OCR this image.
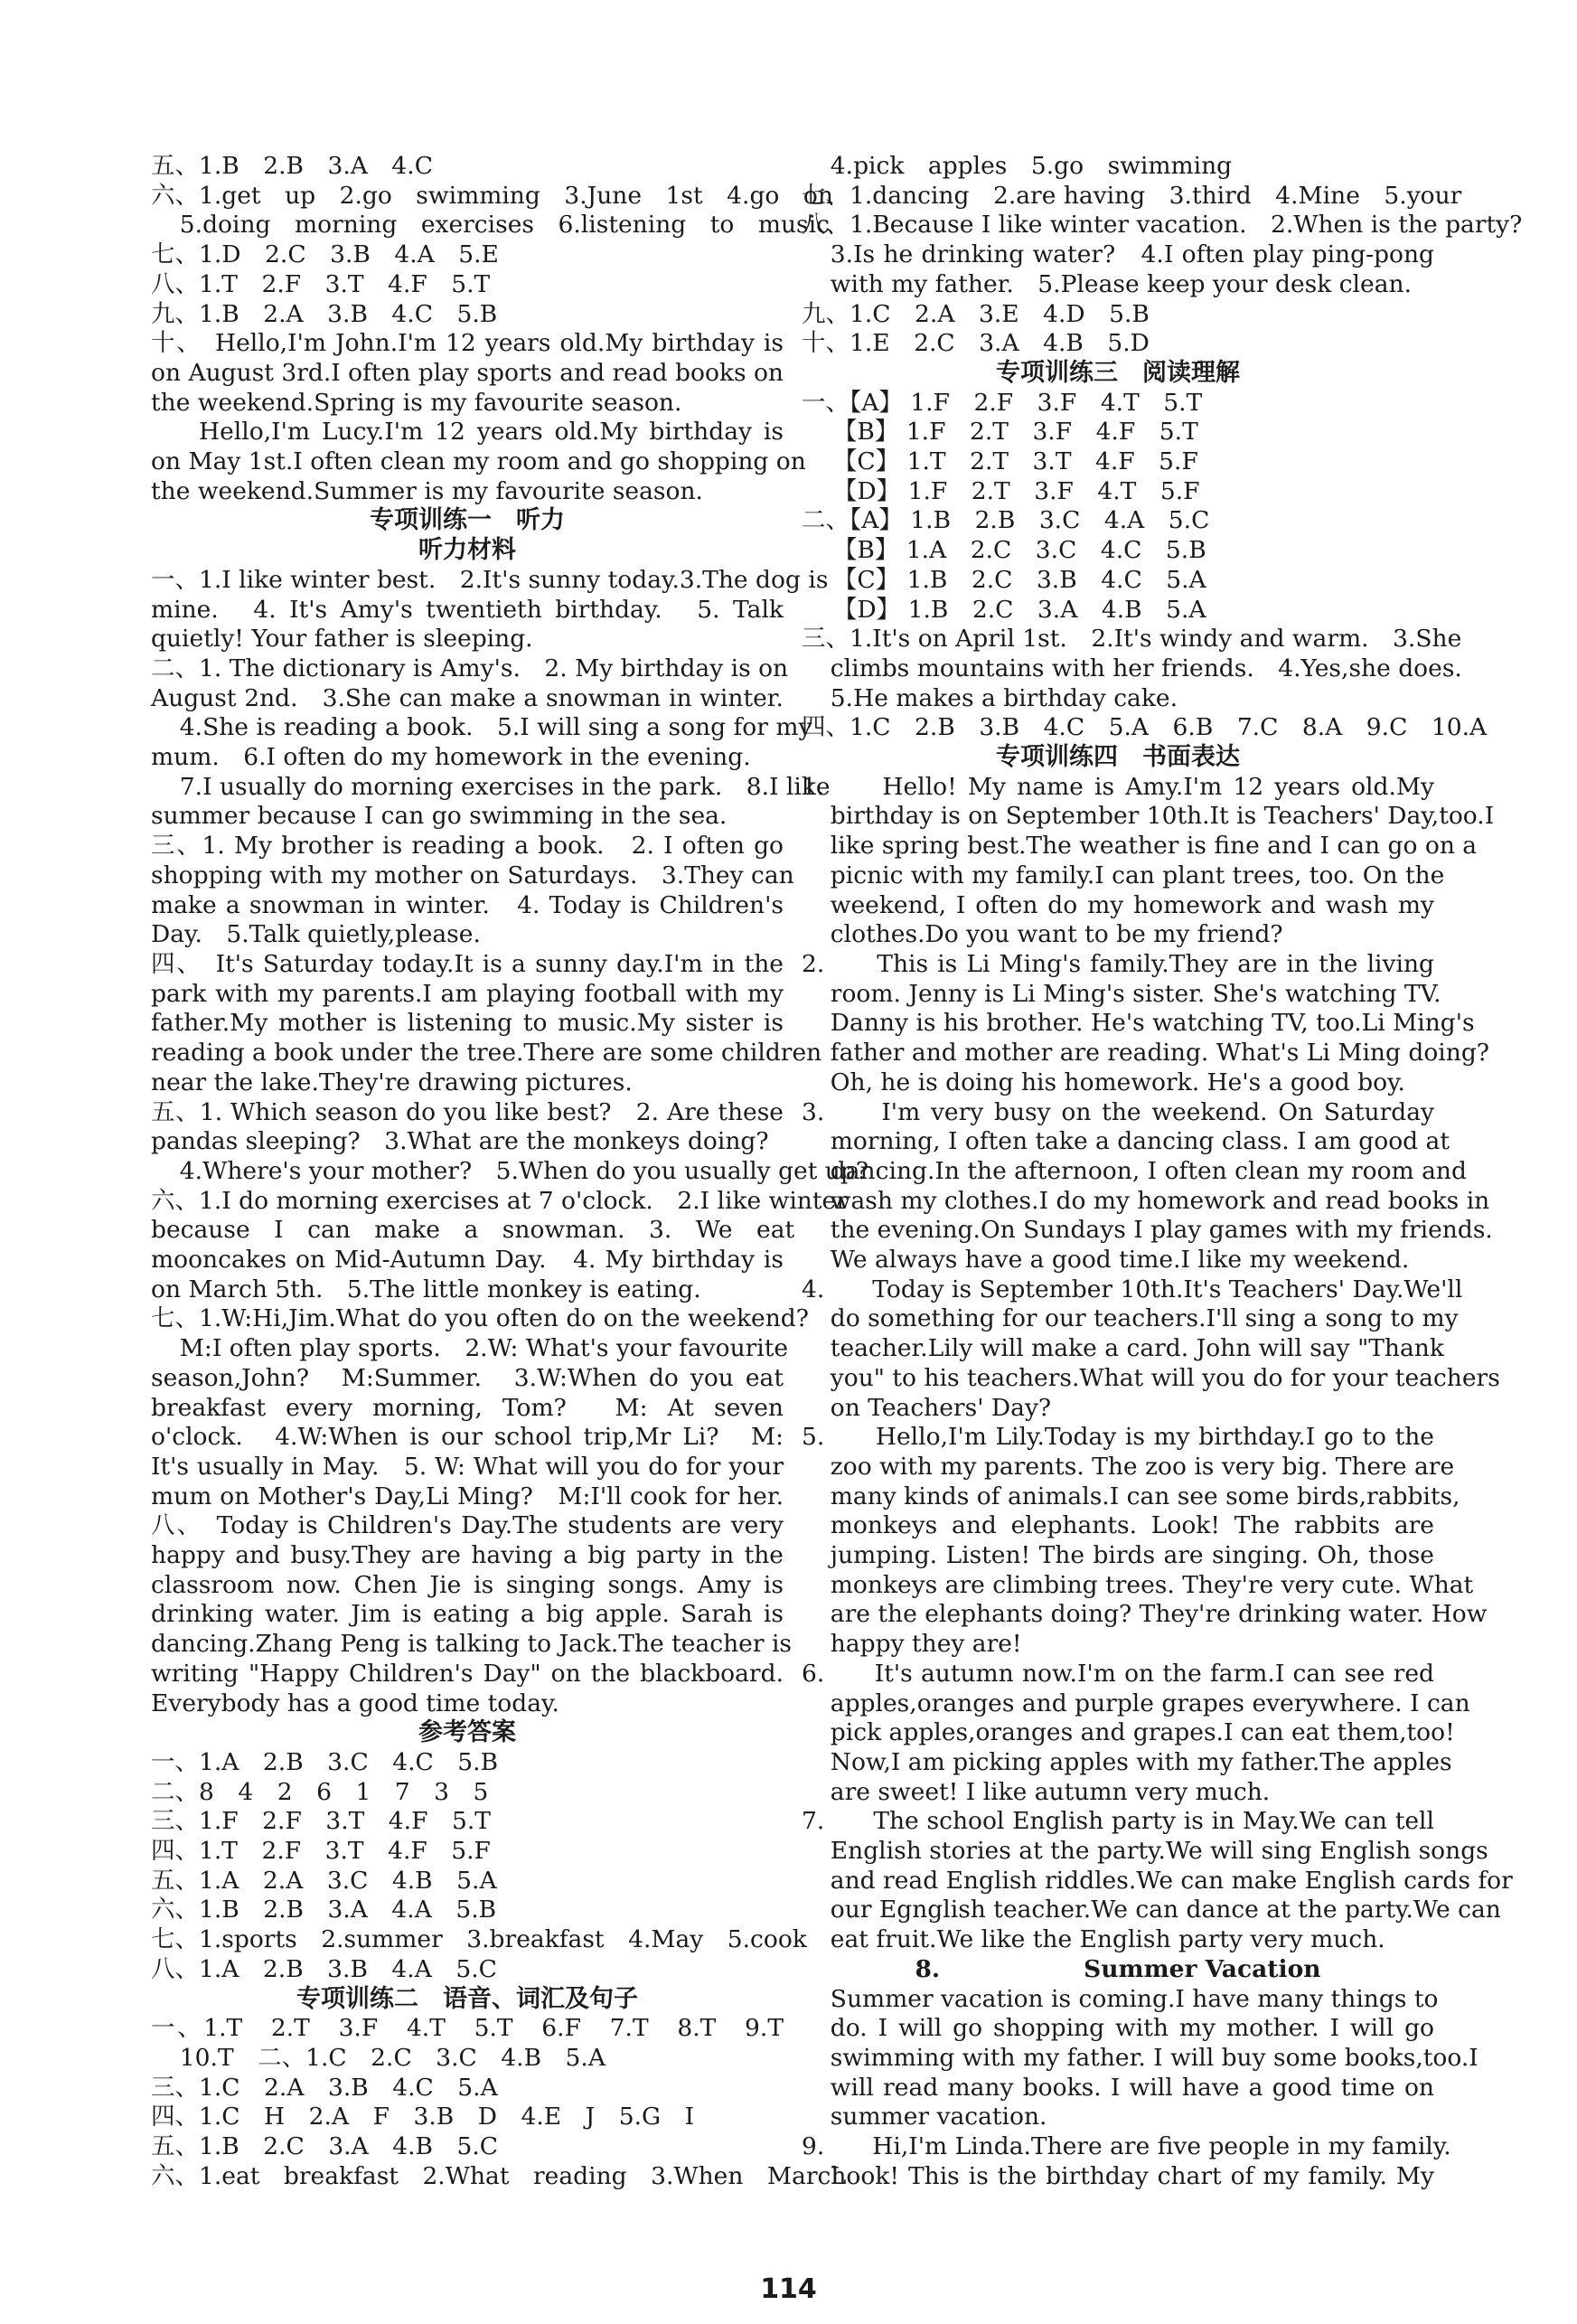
五、1.B　2.B　3.A　4.C
六、1.get　up　2.go　swimming　3.June　1st　4.go　on
5.doing　morning　exercises　6.listening　to　music
七、1.D　2.C　3.B　4.A　5.E
八、1.T　2.F　3.T　4.F　5.T
九、1.B　2.A　3.B　4.C　5.B
十、　Hello,I'm John.I'm 12 years old.My birthday is
on August 3rd.I often play sports and read books on
the weekend.Spring is my favourite season.
Hello,I'm Lucy.I'm 12 years old.My birthday is
on May 1st.I often clean my room and go shopping on
the weekend.Summer is my favourite season.
专项训练一　听力
听力材料
一、1.I like winter best.　2.It's sunny today.3.The dog is
mine.　4. It's Amy's twentieth birthday.　5. Talk
quietly! Your father is sleeping.
二、1. The dictionary is Amy's.　2. My birthday is on
August 2nd.　3.She can make a snowman in winter.
4.She is reading a book.　5.I will sing a song for my
mum.　6.I often do my homework in the evening.
7.I usually do morning exercises in the park.　8.I like
summer because I can go swimming in the sea.
三、1. My brother is reading a book.　2. I often go
shopping with my mother on Saturdays.　3.They can
make a snowman in winter.　4. Today is Children's
Day.　5.Talk quietly,please.
四、　It's Saturday today.It is a sunny day.I'm in the
park with my parents.I am playing football with my
father.My mother is listening to music.My sister is
reading a book under the tree.There are some children
near the lake.They're drawing pictures.
五、1. Which season do you like best?　2. Are these
pandas sleeping?　3.What are the monkeys doing?
4.Where's your mother?　5.When do you usually get up?
六、1.I do morning exercises at 7 o'clock.　2.I like winter
because　I　can　make　a　snowman.　3.　We　eat
mooncakes on Mid-Autumn Day.　4. My birthday is
on March 5th.　5.The little monkey is eating.
七、1.W:Hi,Jim.What do you often do on the weekend?
M:I often play sports.　2.W: What's your favourite
season,John?　M:Summer.　3.W:When do you eat
breakfast every morning, Tom?　M: At seven
o'clock.　4.W:When is our school trip,Mr Li?　M:
It's usually in May.　5. W: What will you do for your
mum on Mother's Day,Li Ming?　M:I'll cook for her.
八、　Today is Children's Day.The students are very
happy and busy.They are having a big party in the
classroom now. Chen Jie is singing songs. Amy is
drinking water. Jim is eating a big apple. Sarah is
dancing.Zhang Peng is talking to Jack.The teacher is
writing "Happy Children's Day" on the blackboard.
Everybody has a good time today.
参考答案
一、1.A　2.B　3.C　4.C　5.B
二、8　4　2　6　1　7　3　5
三、1.F　2.F　3.T　4.F　5.T
四、1.T　2.F　3.T　4.F　5.F
五、1.A　2.A　3.C　4.B　5.A
六、1.B　2.B　3.A　4.A　5.B
七、1.sports　2.summer　3.breakfast　4.May　5.cook
八、1.A　2.B　3.B　4.A　5.C
专项训练二　语音、词汇及句子
一、1.T　2.T　3.F　4.T　5.T　6.F　7.T　8.T　9.T
10.T　二、1.C　2.C　3.C　4.B　5.A
三、1.C　2.A　3.B　4.C　5.A
四、1.C　H　2.A　F　3.B　D　4.E　J　5.G　I
五、1.B　2.C　3.A　4.B　5.C
六、1.eat　breakfast　2.What　reading　3.When　March
4.pick　apples　5.go　swimming
七、1.dancing　2.are having　3.third　4.Mine　5.your
八、1.Because I like winter vacation.　2.When is the party?
3.Is he drinking water?　4.I often play ping-pong
with my father.　5.Please keep your desk clean.
九、1.C　2.A　3.E　4.D　5.B
十、1.E　2.C　3.A　4.B　5.D
专项训练三　阅读理解
一、【A】 1.F　2.F　3.F　4.T　5.T
　 【B】 1.F　2.T　3.F　4.F　5.T
　 【C】 1.T　2.T　3.T　4.F　5.F
　 【D】 1.F　2.T　3.F　4.T　5.F
二、【A】 1.B　2.B　3.C　4.A　5.C
　 【B】 1.A　2.C　3.C　4.C　5.B
　 【C】 1.B　2.C　3.B　4.C　5.A
　 【D】 1.B　2.C　3.A　4.B　5.A
三、1.It's on April 1st.　2.It's windy and warm.　3.She
climbs mountains with her friends.　4.Yes,she does.
5.He makes a birthday cake.
四、1.C　2.B　3.B　4.C　5.A　6.B　7.C　8.A　9.C　10.A
专项训练四　书面表达
1.　　Hello! My name is Amy.I'm 12 years old.My
birthday is on September 10th.It is Teachers' Day,too.I
like spring best.The weather is fine and I can go on a
picnic with my family.I can plant trees, too. On the
weekend, I often do my homework and wash my
clothes.Do you want to be my friend?
2.　　This is Li Ming's family.They are in the living
room. Jenny is Li Ming's sister. She's watching TV.
Danny is his brother. He's watching TV, too.Li Ming's
father and mother are reading. What's Li Ming doing?
Oh, he is doing his homework. He's a good boy.
3.　　I'm very busy on the weekend. On Saturday
morning, I often take a dancing class. I am good at
dancing.In the afternoon, I often clean my room and
wash my clothes.I do my homework and read books in
the evening.On Sundays I play games with my friends.
We always have a good time.I like my weekend.
4.　　Today is September 10th.It's Teachers' Day.We'll
do something for our teachers.I'll sing a song to my
teacher.Lily will make a card. John will say "Thank
you" to his teachers.What will you do for your teachers
on Teachers' Day?
5.　　Hello,I'm Lily.Today is my birthday.I go to the
zoo with my parents. The zoo is very big. There are
many kinds of animals.I can see some birds,rabbits,
monkeys and elephants. Look! The rabbits are
jumping. Listen! The birds are singing. Oh, those
monkeys are climbing trees. They're very cute. What
are the elephants doing? They're drinking water. How
happy they are!
6.　　It's autumn now.I'm on the farm.I can see red
apples,oranges and purple grapes everywhere. I can
pick apples,oranges and grapes.I can eat them,too!
Now,I am picking apples with my father.The apples
are sweet! I like autumn very much.
7.　　The school English party is in May.We can tell
English stories at the party.We will sing English songs
and read English riddles.We can make English cards for
our Egnglish teacher.We can dance at the party.We can
eat fruit.We like the English party very much.
8.　　　　　　Summer Vacation
Summer vacation is coming.I have many things to
do. I will go shopping with my mother. I will go
swimming with my father. I will buy some books,too.I
will read many books. I will have a good time on
summer vacation.
9.　　Hi,I'm Linda.There are five people in my family.
Look! This is the birthday chart of my family. My
114
